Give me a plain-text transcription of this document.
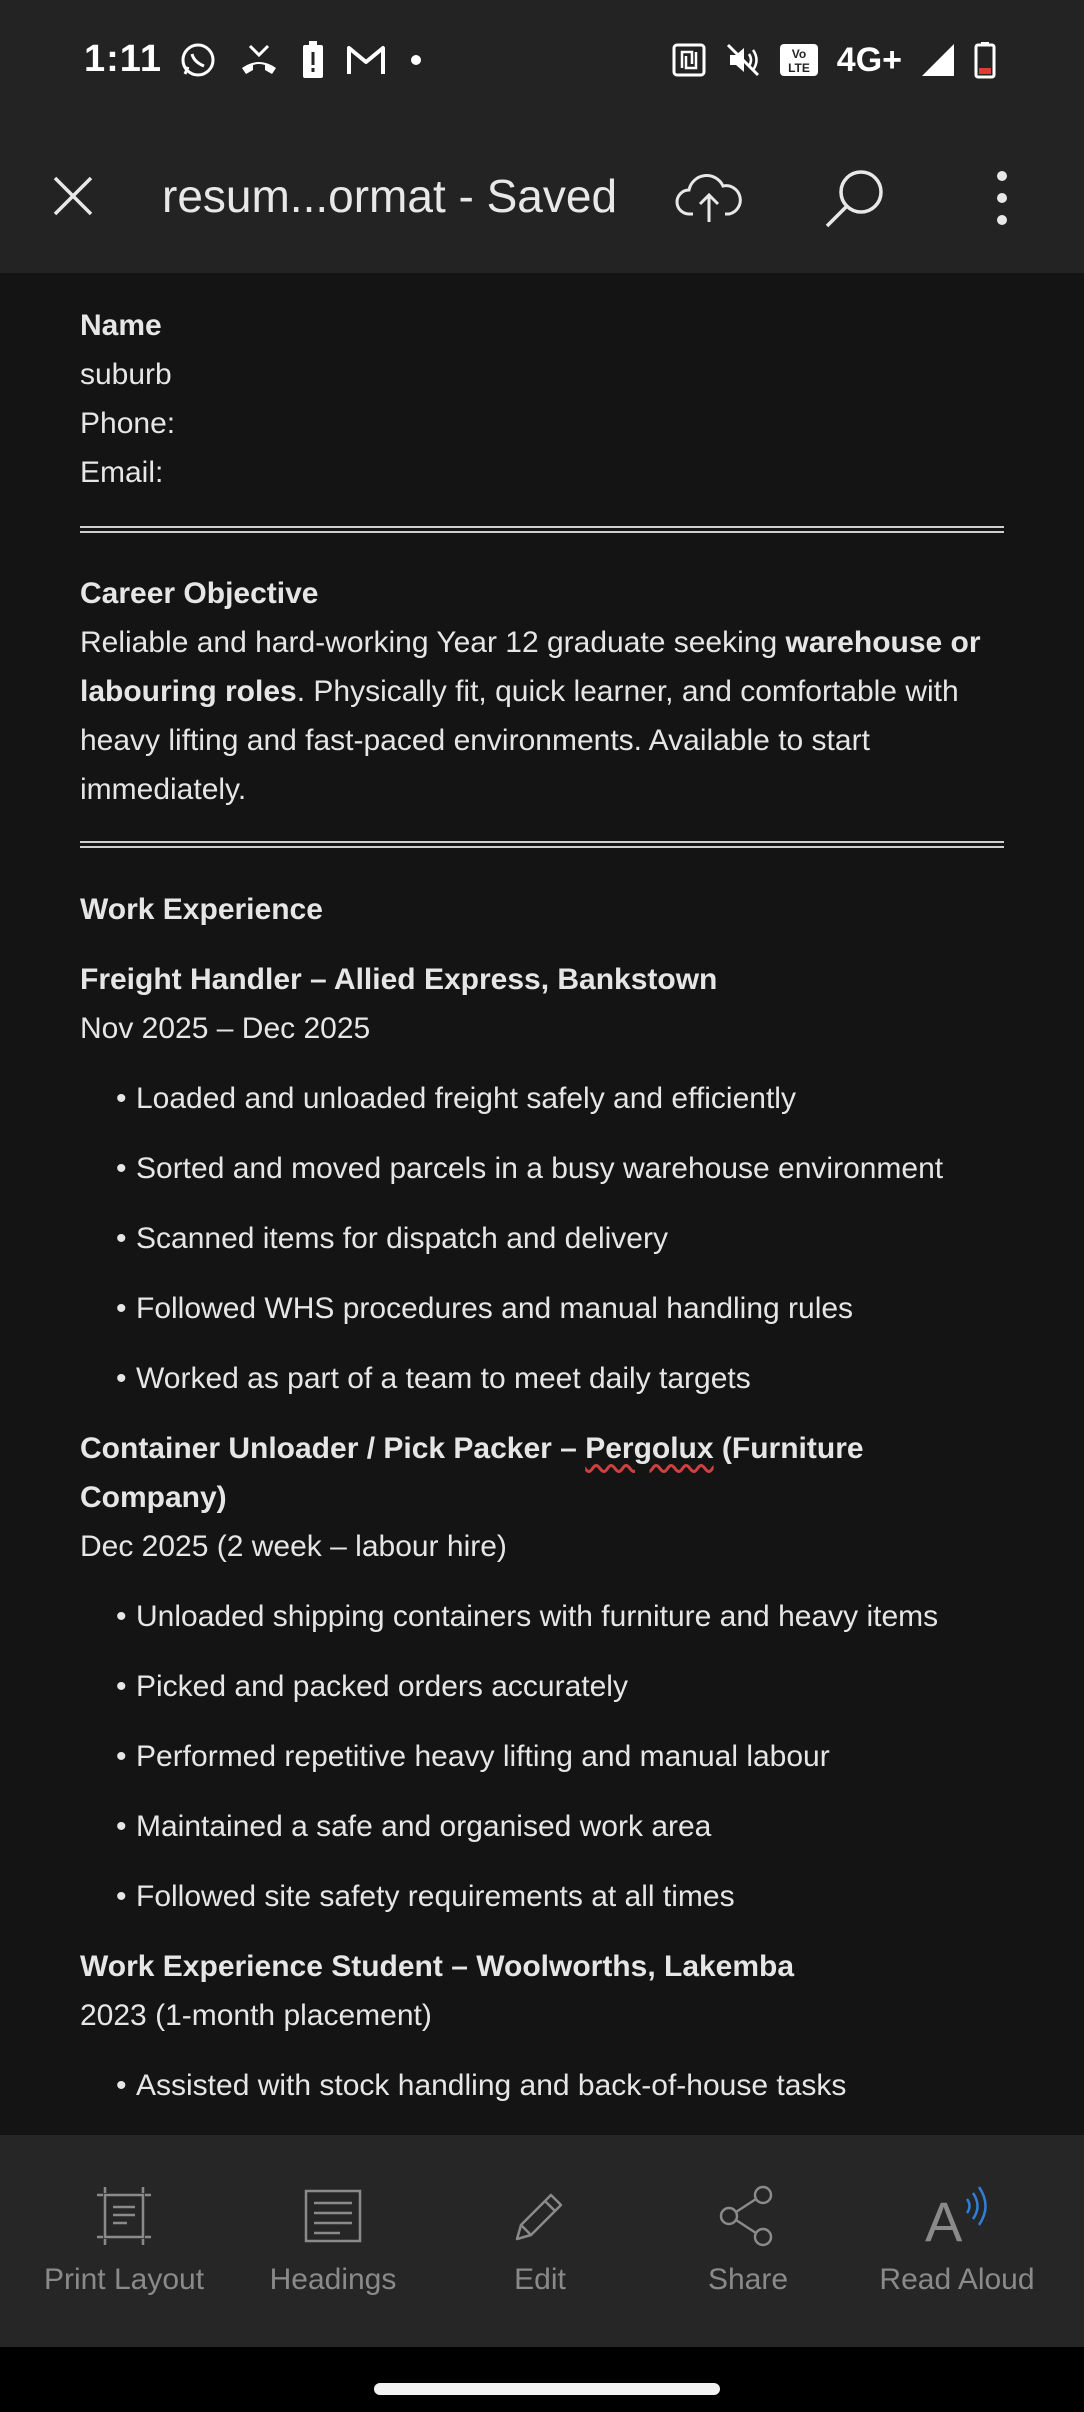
1:11	Vo
LTE 4G+
resum...ormat - Saved

Name

suburb

Phone:

Email:

Career Objective

Reliable and hard-working Year 12 graduate seeking warehouse or labouring roles. Physically fit, quick learner, and comfortable with heavy lifting and fast-paced environments. Available to start immediately.

Work Experience

Freight Handler – Allied Express, Bankstown

Nov 2025 – Dec 2025

• Loaded and unloaded freight safely and efficiently

• Sorted and moved parcels in a busy warehouse environment

• Scanned items for dispatch and delivery

• Followed WHS procedures and manual handling rules

• Worked as part of a team to meet daily targets

Container Unloader / Pick Packer – Pergolux (Furniture Company)

Dec 2025 (2 week – labour hire)

• Unloaded shipping containers with furniture and heavy items

• Picked and packed orders accurately

• Performed repetitive heavy lifting and manual labour

• Maintained a safe and organised work area

• Followed site safety requirements at all times

Work Experience Student – Woolworths, Lakemba

2023 (1-month placement)

• Assisted with stock handling and back-of-house tasks

Print Layout	Headings	Edit	Share
A
Read Aloud
